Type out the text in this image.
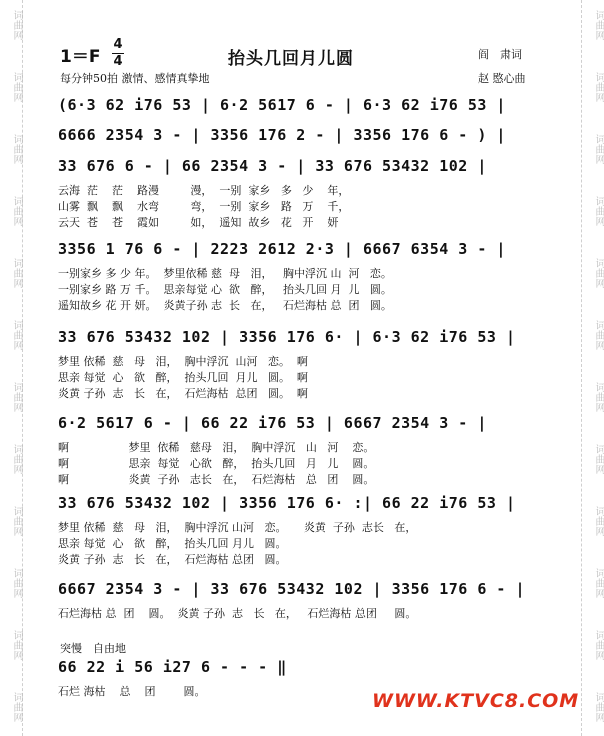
词曲网
词曲网
词曲网
词曲网
词曲网
词曲网
词曲网
词曲网
词曲网
词曲网
词曲网
词曲网
词曲网
词曲网
词曲网
词曲网
词曲网
词曲网
词曲网
词曲网
词曲网
词曲网
词曲网
词曲网
1＝F
4
4	抬头几回月儿圆	阎　肃词
每分钟50拍 激情、感情真挚地	赵 愍心曲
(6·3 62 i76 53 | 6·2 5617 6 - | 6·3 62 i76 53 |
6666 2354 3 - | 3356 176 2 - | 3356 176 6 - ) |
33 676 6 - | 66 2354 3 - | 33 676 53432 102 |
云海  茫    茫    路漫         漫，  一别  家乡   多   少    年，
山雾  飘    飘    水弯         弯，  一别  家乡   路   万    千，
云天  苍    苍    霞如         如，  遥知  故乡   花   开    妍
3356 1 76 6 - | 2223 2612 2·3 | 6667 6354 3 - |
一别家乡 多 少 年。  梦里依稀 慈  母   泪，   胸中浮沉 山  河   恋。
一别家乡 路 万 千。  思亲每觉 心  欲   醉，   抬头几回 月  儿   圆。
遥知故乡 花 开 妍。  炎黄子孙 志  长   在，   石烂海枯 总  团   圆。
33 676 53432 102 | 3356 176 6· | 6·3 62 i76 53 |
梦里 依稀  慈   母   泪，  胸中浮沉  山河   恋。  啊
思亲 每觉  心   欲   醉，  抬头几回  月儿   圆。  啊
炎黄 子孙  志   长   在，  石烂海枯  总团   圆。  啊
6·2 5617 6 - | 66 22 i76 53 | 6667 2354 3 - |
啊                 梦里  依稀   慈母   泪，  胸中浮沉   山   河    恋。
啊                 思亲  每觉   心欲   醉，  抬头几回   月   儿    圆。
啊                 炎黄  子孙   志长   在，  石烂海枯   总   团    圆。
33 676 53432 102 | 3356 176 6· :| 66 22 i76 53 |
梦里 依稀  慈   母   泪，  胸中浮沉 山河   恋。     炎黄  子孙  志长   在，
思亲 每觉  心   欲   醉，  抬头几回 月儿   圆。
炎黄 子孙  志   长   在，  石烂海枯 总团   圆。
6667 2354 3 - | 33 676 53432 102 | 3356 176 6 - |
石烂海枯 总  团    圆。  炎黄 子孙  志   长   在，   石烂海枯 总团     圆。
66 22 i 56 i27 6 - - - ‖
石烂 海枯    总    团        圆。
突慢　自由地
WWW.KTVC8.COM
